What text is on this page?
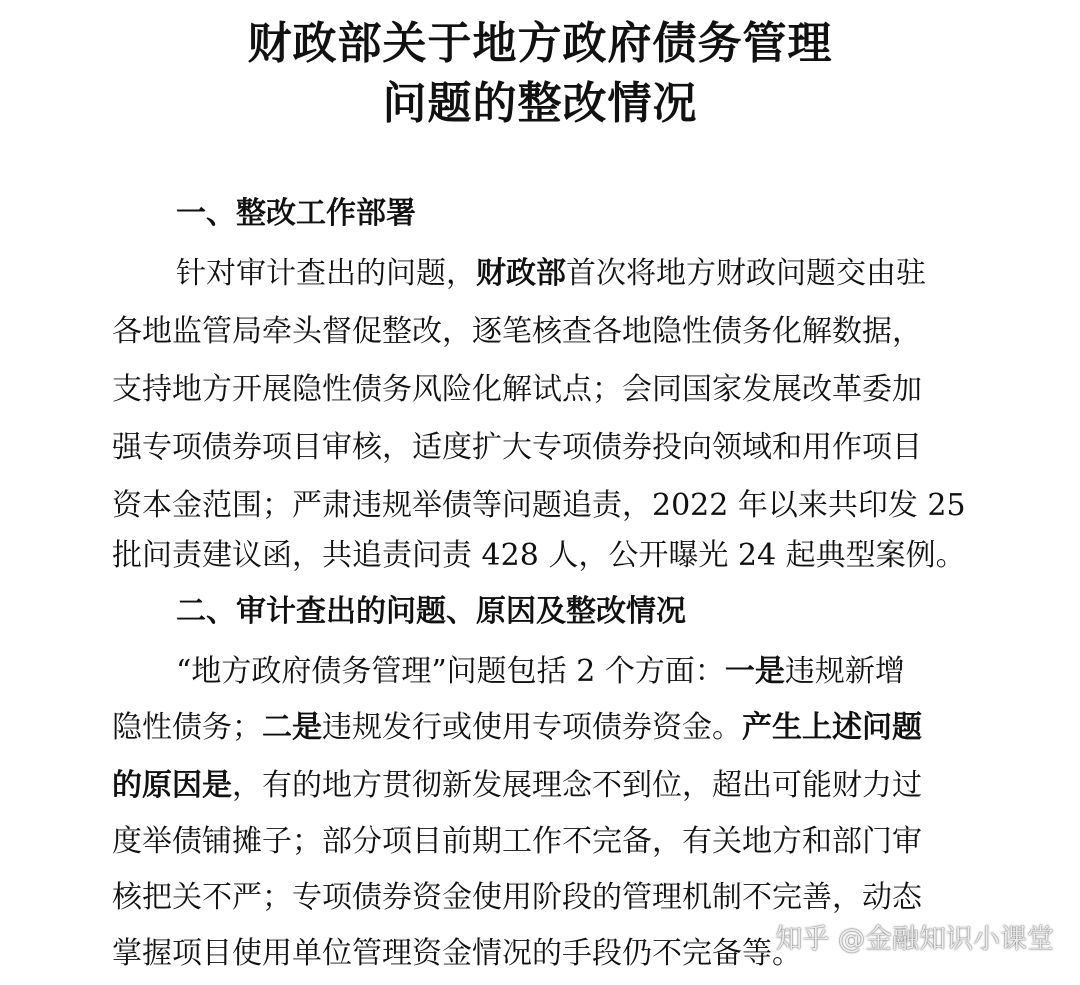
财政部关于地方政府债务管理
问题的整改情况
一、整改工作部署
针对审计查出的问题，财政部首次将地方财政问题交由驻
各地监管局牵头督促整改，逐笔核查各地隐性债务化解数据，
支持地方开展隐性债务风险化解试点；会同国家发展改革委加
强专项债券项目审核，适度扩大专项债券投向领域和用作项目
资本金范围；严肃违规举债等问题追责，2022 年以来共印发 25
批问责建议函，共追责问责 428 人，公开曝光 24 起典型案例。
二、审计查出的问题、原因及整改情况
“地方政府债务管理”问题包括 2 个方面：一是违规新增
隐性债务；二是违规发行或使用专项债券资金。产生上述问题
的原因是，有的地方贯彻新发展理念不到位，超出可能财力过
度举债铺摊子；部分项目前期工作不完备，有关地方和部门审
核把关不严；专项债券资金使用阶段的管理机制不完善，动态
掌握项目使用单位管理资金情况的手段仍不完备等。
知乎 @金融知识小课堂
